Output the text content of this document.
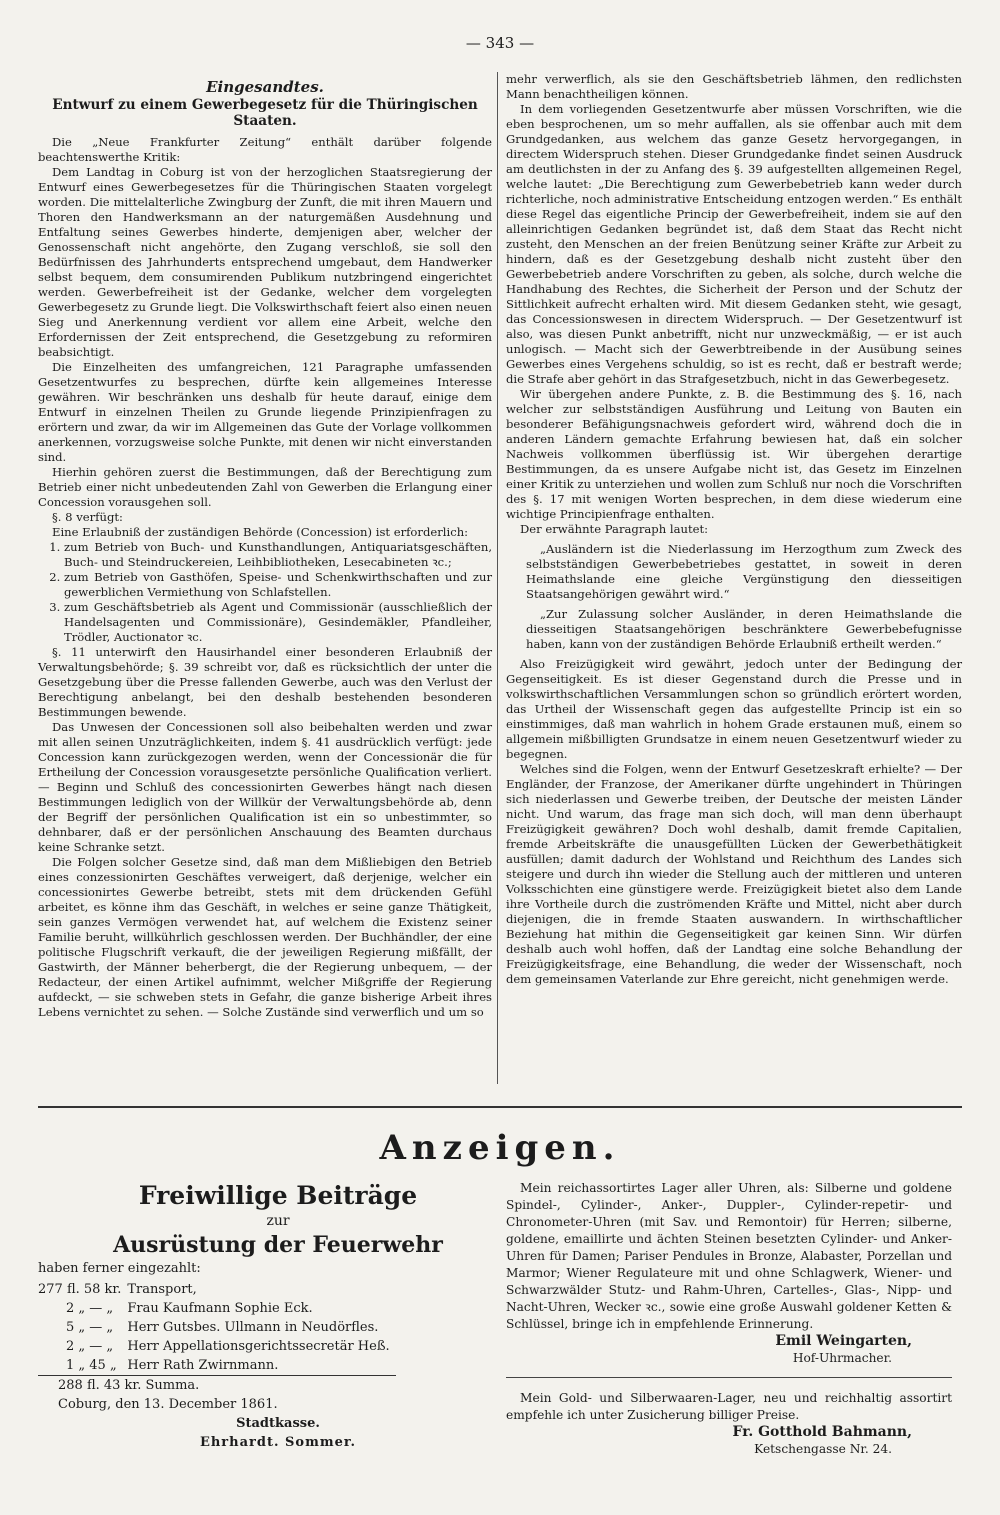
— 343 —
Eingesandtes.
Entwurf zu einem Gewerbegesetz für die Thüringischen Staaten.

Die „Neue Frankfurter Zeitung“ enthält darüber folgende beachtenswerthe Kritik:

Dem Landtag in Coburg ist von der herzoglichen Staatsregierung der Entwurf eines Gewerbegesetzes für die Thüringischen Staaten vorgelegt worden. Die mittelalterliche Zwingburg der Zunft, die mit ihren Mauern und Thoren den Handwerksmann an der naturgemäßen Ausdehnung und Entfaltung seines Gewerbes hinderte, demjenigen aber, welcher der Genossenschaft nicht angehörte, den Zugang verschloß, sie soll den Bedürfnissen des Jahrhunderts entsprechend umgebaut, dem Handwerker selbst bequem, dem consumirenden Publikum nutzbringend eingerichtet werden. Gewerbefreiheit ist der Gedanke, welcher dem vorgelegten Gewerbegesetz zu Grunde liegt. Die Volkswirthschaft feiert also einen neuen Sieg und Anerkennung verdient vor allem eine Arbeit, welche den Erfordernissen der Zeit entsprechend, die Gesetzgebung zu reformiren beabsichtigt.

Die Einzelheiten des umfangreichen, 121 Paragraphe umfassenden Gesetzentwurfes zu besprechen, dürfte kein allgemeines Interesse gewähren. Wir beschränken uns deshalb für heute darauf, einige dem Entwurf in einzelnen Theilen zu Grunde liegende Prinzipienfragen zu erörtern und zwar, da wir im Allgemeinen das Gute der Vorlage vollkommen anerkennen, vorzugsweise solche Punkte, mit denen wir nicht einverstanden sind.

Hierhin gehören zuerst die Bestimmungen, daß der Berechtigung zum Betrieb einer nicht unbedeutenden Zahl von Gewerben die Erlangung einer Concession vorausgehen soll.

§. 8 verfügt:

Eine Erlaubniß der zuständigen Behörde (Concession) ist erforderlich:

1. zum Betrieb von Buch- und Kunsthandlungen, Antiquariatsgeschäften, Buch- und Steindruckereien, Leihbibliotheken, Lesecabineten ꝛc.;
2. zum Betrieb von Gasthöfen, Speise- und Schenkwirthschaften und zur gewerblichen Vermiethung von Schlafstellen.
3. zum Geschäftsbetrieb als Agent und Commissionär (ausschließlich der Handelsagenten und Commissionäre), Gesindemäkler, Pfandleiher, Trödler, Auctionator ꝛc.

§. 11 unterwirft den Hausirhandel einer besonderen Erlaubniß der Verwaltungsbehörde; §. 39 schreibt vor, daß es rücksichtlich der unter die Gesetzgebung über die Presse fallenden Gewerbe, auch was den Verlust der Berechtigung anbelangt, bei den deshalb bestehenden besonderen Bestimmungen bewende.

Das Unwesen der Concessionen soll also beibehalten werden und zwar mit allen seinen Unzuträglichkeiten, indem §. 41 ausdrücklich verfügt: jede Concession kann zurückgezogen werden, wenn der Concessionär die für Ertheilung der Concession vorausgesetzte persönliche Qualification verliert. — Beginn und Schluß des concessionirten Gewerbes hängt nach diesen Bestimmungen lediglich von der Willkür der Verwaltungsbehörde ab, denn der Begriff der persönlichen Qualification ist ein so unbestimmter, so dehnbarer, daß er der persönlichen Anschauung des Beamten durchaus keine Schranke setzt.

Die Folgen solcher Gesetze sind, daß man dem Mißliebigen den Betrieb eines conzessionirten Geschäftes verweigert, daß derjenige, welcher ein concessionirtes Gewerbe betreibt, stets mit dem drückenden Gefühl arbeitet, es könne ihm das Geschäft, in welches er seine ganze Thätigkeit, sein ganzes Vermögen verwendet hat, auf welchem die Existenz seiner Familie beruht, willkührlich geschlossen werden. Der Buchhändler, der eine politische Flugschrift verkauft, die der jeweiligen Regierung mißfällt, der Gastwirth, der Männer beherbergt, die der Regierung unbequem, — der Redacteur, der einen Artikel aufnimmt, welcher Mißgriffe der Regierung aufdeckt, — sie schweben stets in Gefahr, die ganze bisherige Arbeit ihres Lebens vernichtet zu sehen. — Solche Zustände sind verwerflich und um so

mehr verwerflich, als sie den Geschäftsbetrieb lähmen, den redlichsten Mann benachtheiligen können.

In dem vorliegenden Gesetzentwurfe aber müssen Vorschriften, wie die eben besprochenen, um so mehr auffallen, als sie offenbar auch mit dem Grundgedanken, aus welchem das ganze Gesetz hervorgegangen, in directem Widerspruch stehen. Dieser Grundgedanke findet seinen Ausdruck am deutlichsten in der zu Anfang des §. 39 aufgestellten allgemeinen Regel, welche lautet: „Die Berechtigung zum Gewerbebetrieb kann weder durch richterliche, noch administrative Entscheidung entzogen werden.“ Es enthält diese Regel das eigentliche Princip der Gewerbefreiheit, indem sie auf den alleinrichtigen Gedanken begründet ist, daß dem Staat das Recht nicht zusteht, den Menschen an der freien Benützung seiner Kräfte zur Arbeit zu hindern, daß es der Gesetzgebung deshalb nicht zusteht über den Gewerbebetrieb andere Vorschriften zu geben, als solche, durch welche die Handhabung des Rechtes, die Sicherheit der Person und der Schutz der Sittlichkeit aufrecht erhalten wird. Mit diesem Gedanken steht, wie gesagt, das Concessionswesen in directem Widerspruch. — Der Gesetzentwurf ist also, was diesen Punkt anbetrifft, nicht nur unzweckmäßig, — er ist auch unlogisch. — Macht sich der Gewerbtreibende in der Ausübung seines Gewerbes eines Vergehens schuldig, so ist es recht, daß er bestraft werde; die Strafe aber gehört in das Strafgesetzbuch, nicht in das Gewerbegesetz.

Wir übergehen andere Punkte, z. B. die Bestimmung des §. 16, nach welcher zur selbstständigen Ausführung und Leitung von Bauten ein besonderer Befähigungsnachweis gefordert wird, während doch die in anderen Ländern gemachte Erfahrung bewiesen hat, daß ein solcher Nachweis vollkommen überflüssig ist. Wir übergehen derartige Bestimmungen, da es unsere Aufgabe nicht ist, das Gesetz im Einzelnen einer Kritik zu unterziehen und wollen zum Schluß nur noch die Vorschriften des §. 17 mit wenigen Worten besprechen, in dem diese wiederum eine wichtige Principienfrage enthalten.

Der erwähnte Paragraph lautet:

„Ausländern ist die Niederlassung im Herzogthum zum Zweck des selbstständigen Gewerbebetriebes gestattet, in soweit in deren Heimathslande eine gleiche Vergünstigung den diesseitigen Staatsangehörigen gewährt wird.“

„Zur Zulassung solcher Ausländer, in deren Heimathslande die diesseitigen Staatsangehörigen beschränktere Gewerbebefugnisse haben, kann von der zuständigen Behörde Erlaubniß ertheilt werden.“

Also Freizügigkeit wird gewährt, jedoch unter der Bedingung der Gegenseitigkeit. Es ist dieser Gegenstand durch die Presse und in volkswirthschaftlichen Versammlungen schon so gründlich erörtert worden, das Urtheil der Wissenschaft gegen das aufgestellte Princip ist ein so einstimmiges, daß man wahrlich in hohem Grade erstaunen muß, einem so allgemein mißbilligten Grundsatze in einem neuen Gesetzentwurf wieder zu begegnen.

Welches sind die Folgen, wenn der Entwurf Gesetzeskraft erhielte? — Der Engländer, der Franzose, der Amerikaner dürfte ungehindert in Thüringen sich niederlassen und Gewerbe treiben, der Deutsche der meisten Länder nicht. Und warum, das frage man sich doch, will man denn überhaupt Freizügigkeit gewähren? Doch wohl deshalb, damit fremde Capitalien, fremde Arbeitskräfte die unausgefüllten Lücken der Gewerbethätigkeit ausfüllen; damit dadurch der Wohlstand und Reichthum des Landes sich steigere und durch ihn wieder die Stellung auch der mittleren und unteren Volksschichten eine günstigere werde. Freizügigkeit bietet also dem Lande ihre Vortheile durch die zuströmenden Kräfte und Mittel, nicht aber durch diejenigen, die in fremde Staaten auswandern. In wirthschaftlicher Beziehung hat mithin die Gegenseitigkeit gar keinen Sinn. Wir dürfen deshalb auch wohl hoffen, daß der Landtag eine solche Behandlung der Freizügigkeitsfrage, eine Behandlung, die weder der Wissenschaft, noch dem gemeinsamen Vaterlande zur Ehre gereicht, nicht genehmigen werde.

Anzeigen.
Freiwillige Beiträge
zur
Ausrüstung der Feuerwehr
haben ferner eingezahlt:
277 fl. 58 kr.	Transport,
2 „ — „	Frau Kaufmann Sophie Eck.
5 „ — „	Herr Gutsbes. Ullmann in Neudörfles.
2 „ — „	Herr Appellationsgerichtssecretär Heß.
1 „ 45 „	Herr Rath Zwirnmann.
288 fl. 43 kr. Summa.
Coburg, den 13. December 1861.
Stadtkasse.
Ehrhardt. Sommer.

Mein reichassortirtes Lager aller Uhren, als: Silberne und goldene Spindel-, Cylinder-, Anker-, Duppler-, Cylinder-repetir- und Chronometer-Uhren (mit Sav. und Remontoir) für Herren; silberne, goldene, emaillirte und ächten Steinen besetzten Cylinder- und Anker-Uhren für Damen; Pariser Pendules in Bronze, Alabaster, Porzellan und Marmor; Wiener Regulateure mit und ohne Schlagwerk, Wiener- und Schwarzwälder Stutz- und Rahm-Uhren, Cartelles-, Glas-, Nipp- und Nacht-Uhren, Wecker ꝛc., sowie eine große Auswahl goldener Ketten & Schlüssel, bringe ich in empfehlende Erinnerung.

Emil Weingarten,
Hof-Uhrmacher.

Mein Gold- und Silberwaaren-Lager, neu und reichhaltig assortirt empfehle ich unter Zusicherung billiger Preise.

Fr. Gotthold Bahmann,
Ketschengasse Nr. 24.
